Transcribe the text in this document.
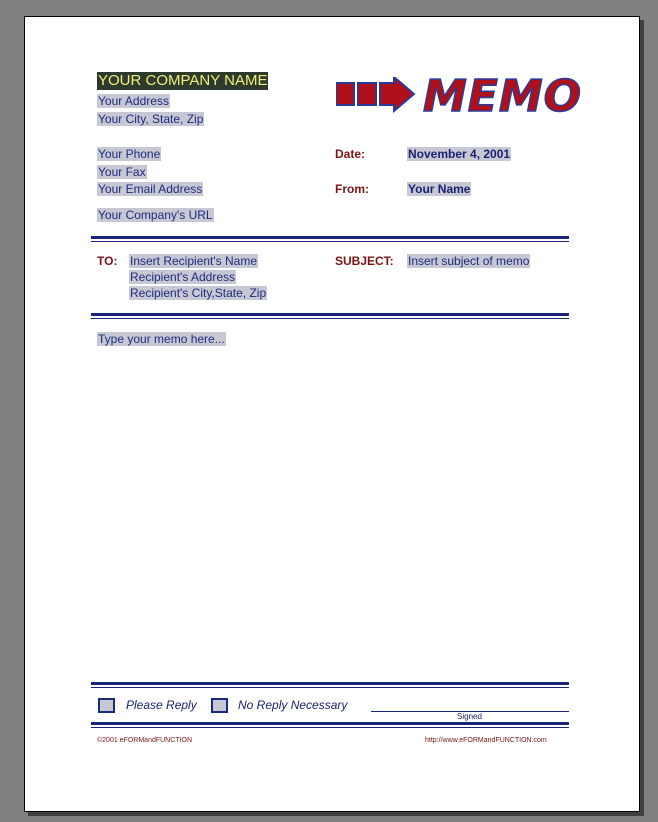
YOUR COMPANY NAME
Your Address
Your City, State, Zip
Your Phone
Your Fax
Your Email Address
Your Company's URL
MEMO
Date:	November 4, 2001
From:	Your Name
TO: Insert Recipient's Name
Recipient's Address
Recipient's City,State, Zip
SUBJECT: Insert subject of memo
Type your memo here...
Please Reply	No Reply Necessary
Signed
©2001 eFORMandFUNCTION	http://www.eFORMandFUNCTION.com
